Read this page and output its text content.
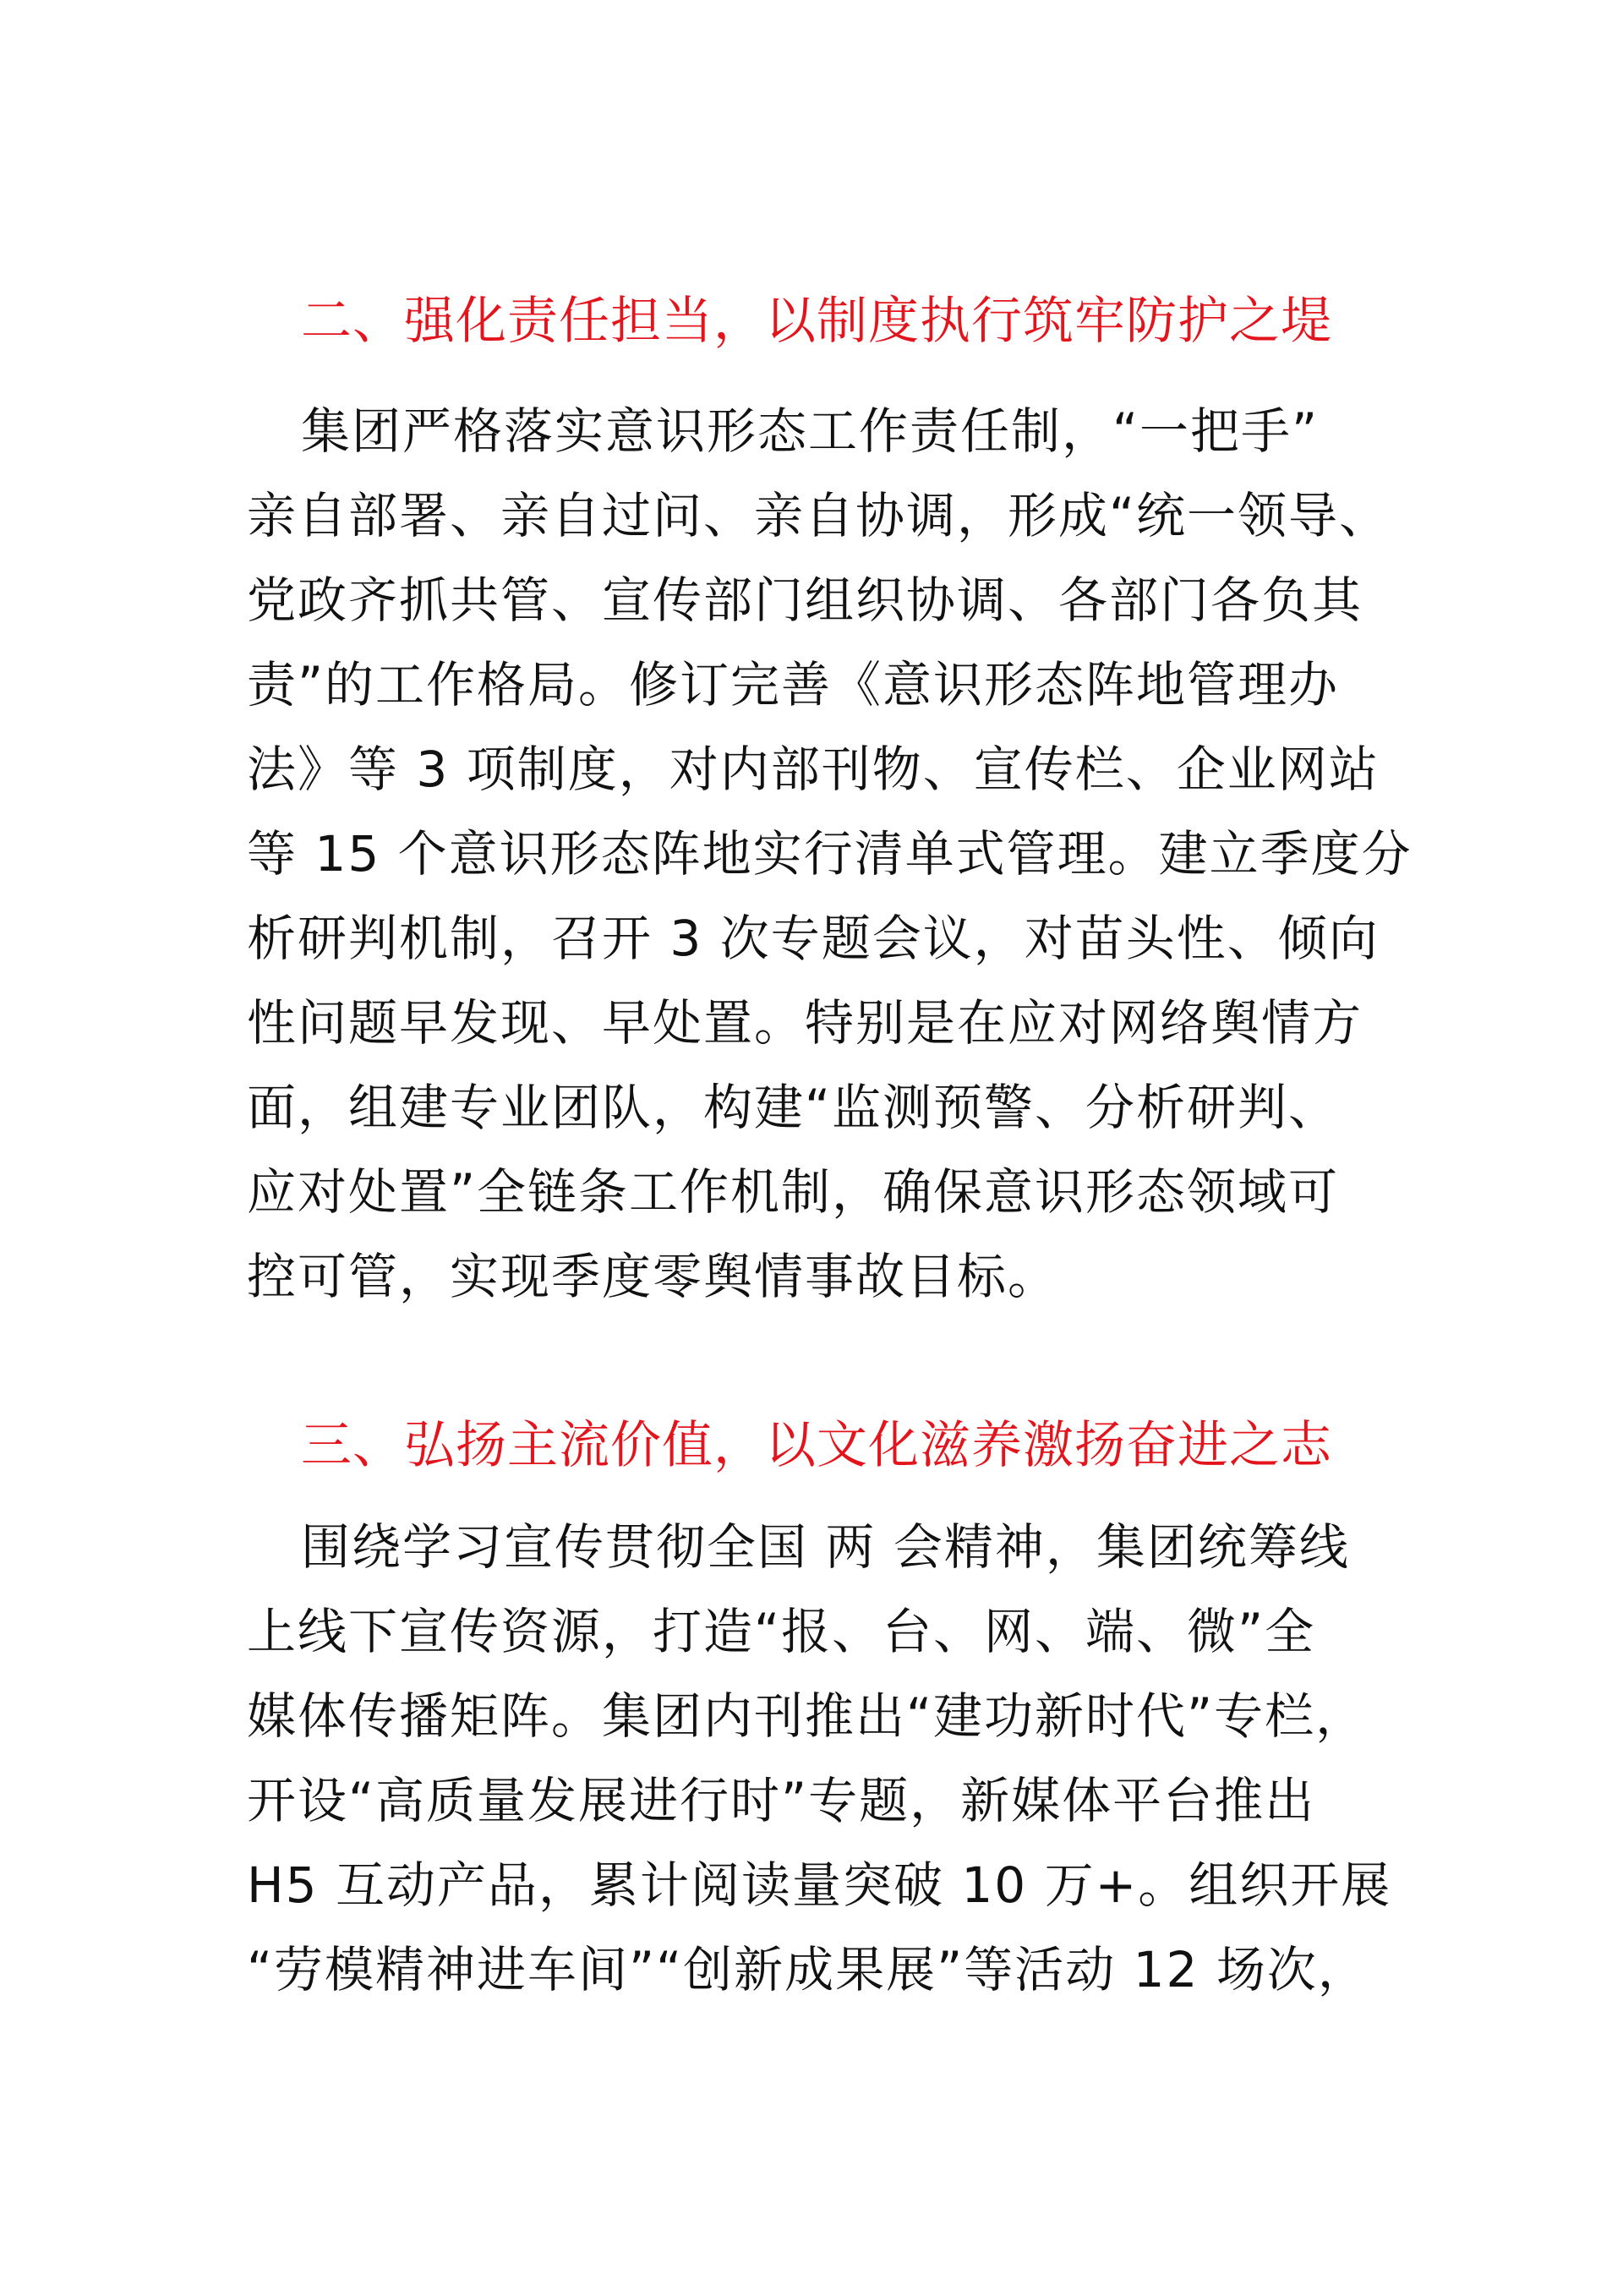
二、强化责任担当，以制度执行筑牢防护之堤
集团严格落实意识形态工作责任制，“一把手”
亲自部署、亲自过问、亲自协调，形成“统一领导、
党政齐抓共管、宣传部门组织协调、各部门各负其
责”的工作格局。修订完善《意识形态阵地管理办
法》等 3 项制度，对内部刊物、宣传栏、企业网站
等 15 个意识形态阵地实行清单式管理。建立季度分
析研判机制，召开 3 次专题会议，对苗头性、倾向
性问题早发现、早处置。特别是在应对网络舆情方
面，组建专业团队，构建“监测预警、分析研判、
应对处置”全链条工作机制，确保意识形态领域可
控可管，实现季度零舆情事故目标。
三、弘扬主流价值，以文化滋养激扬奋进之志
围绕学习宣传贯彻全国 两 会精神，集团统筹线
上线下宣传资源，打造“报、台、网、端、微”全
媒体传播矩阵。集团内刊推出“建功新时代”专栏，
开设“高质量发展进行时”专题，新媒体平台推出
H5 互动产品，累计阅读量突破 10 万+。组织开展
“劳模精神进车间”“创新成果展”等活动 12 场次，
